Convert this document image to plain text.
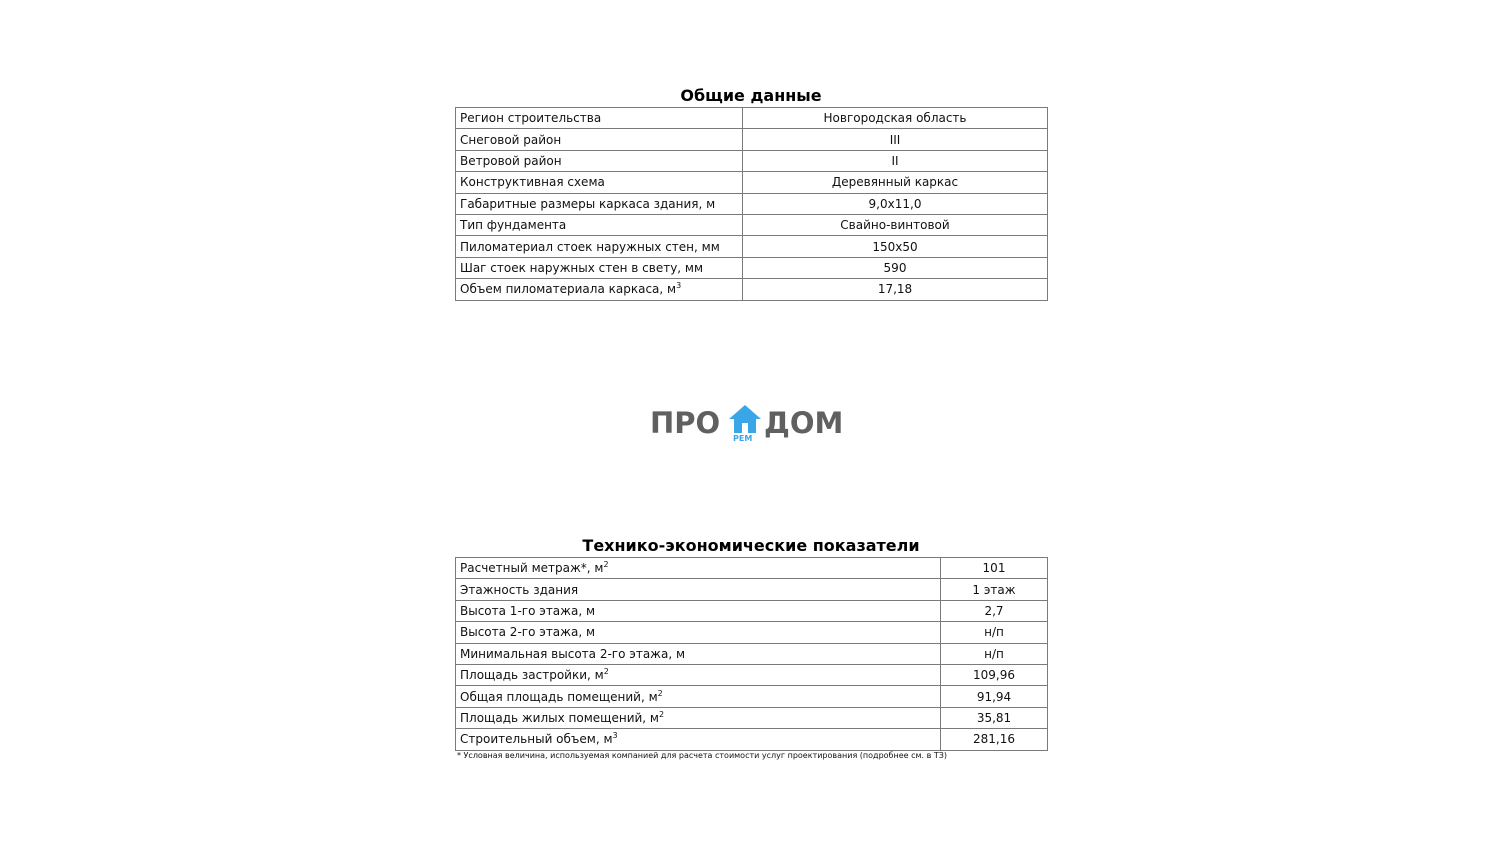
Общие данные
Регион строительства	Новгородская область
Снеговой район	III
Ветровой район	II
Конструктивная схема	Деревянный каркас
Габаритные размеры каркаса здания, м	9,0х11,0
Тип фундамента	Свайно-винтовой
Пиломатериал стоек наружных стен, мм	150х50
Шаг стоек наружных стен в свету, мм	590
Объем пиломатериала каркаса, $м^3$	17,18
ПРО РЕМ ДОМ
Технико-экономические показатели
Расчетный метраж*, $м^2$	101
Этажность здания	1 этаж
Высота 1-го этажа, м	2,7
Высота 2-го этажа, м	н/п
Минимальная высота 2-го этажа, м	н/п
Площадь застройки, $м^2$	109,96
Общая площадь помещений, $м^2$	91,94
Площадь жилых помещений, $м^2$	35,81
Строительный объем, $м^3$	281,16
* Условная величина, используемая компанией для расчета стоимости услуг проектирования (подробнее см. в ТЗ)
